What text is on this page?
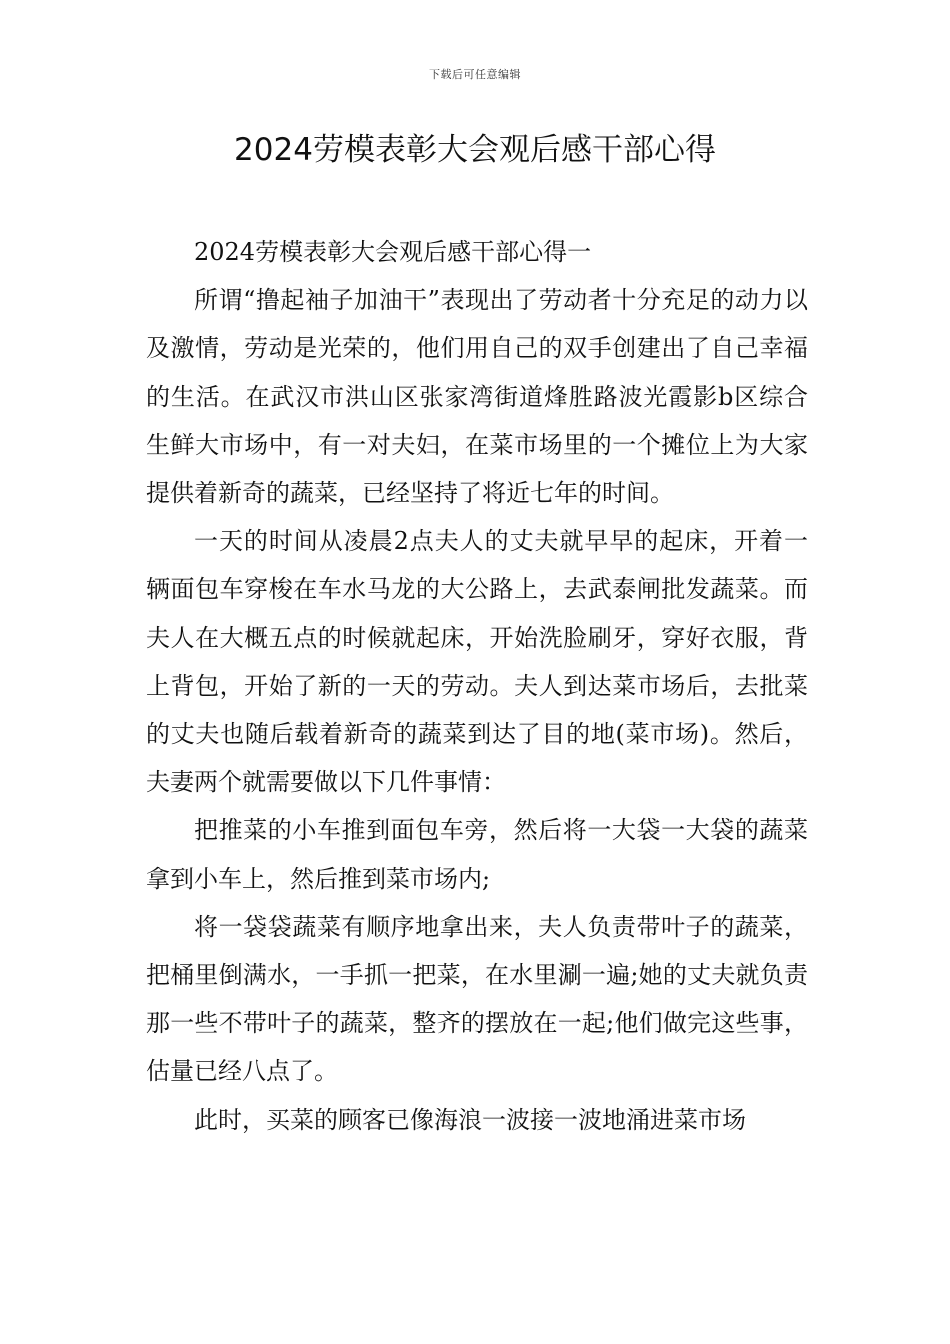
下载后可任意编辑
2024劳模表彰大会观后感干部心得

2024劳模表彰大会观后感干部心得一

所谓“撸起袖子加油干”表现出了劳动者十分充足的动力以及激情，劳动是光荣的，他们用自己的双手创建出了自己幸福的生活。在武汉市洪山区张家湾街道烽胜路波光霞影b区综合生鲜大市场中，有一对夫妇，在菜市场里的一个摊位上为大家提供着新奇的蔬菜，已经坚持了将近七年的时间。

一天的时间从凌晨2点夫人的丈夫就早早的起床，开着一辆面包车穿梭在车水马龙的大公路上，去武泰闸批发蔬菜。而夫人在大概五点的时候就起床，开始洗脸刷牙，穿好衣服，背上背包，开始了新的一天的劳动。夫人到达菜市场后，去批菜的丈夫也随后载着新奇的蔬菜到达了目的地(菜市场)。然后，夫妻两个就需要做以下几件事情：

把推菜的小车推到面包车旁，然后将一大袋一大袋的蔬菜拿到小车上，然后推到菜市场内;

将一袋袋蔬菜有顺序地拿出来，夫人负责带叶子的蔬菜，把桶里倒满水，一手抓一把菜，在水里涮一遍;她的丈夫就负责那一些不带叶子的蔬菜，整齐的摆放在一起;他们做完这些事，估量已经八点了。

此时，买菜的顾客已像海浪一波接一波地涌进菜市场
